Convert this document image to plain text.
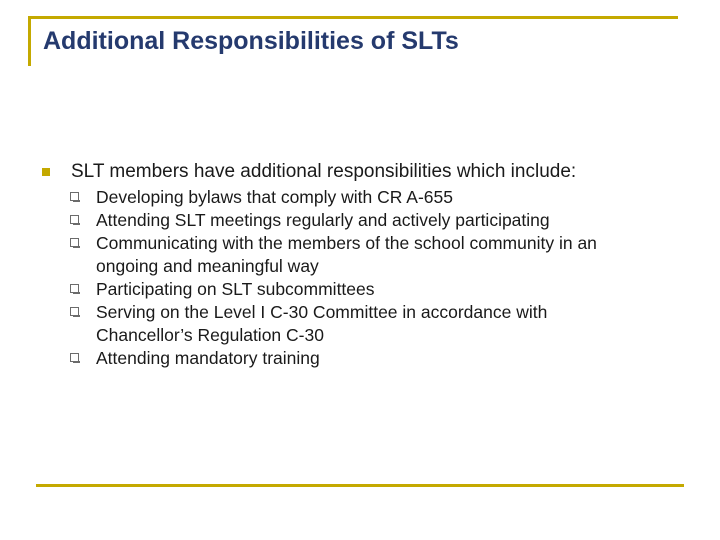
Additional Responsibilities of SLTs
SLT members have additional responsibilities which include:
Developing bylaws that comply with CR A-655
Attending SLT meetings regularly and actively participating
Communicating with the members of the school community in an
ongoing and meaningful way
Participating on SLT subcommittees
Serving on the Level I C-30 Committee in accordance with
Chancellor’s Regulation C-30
Attending mandatory training
